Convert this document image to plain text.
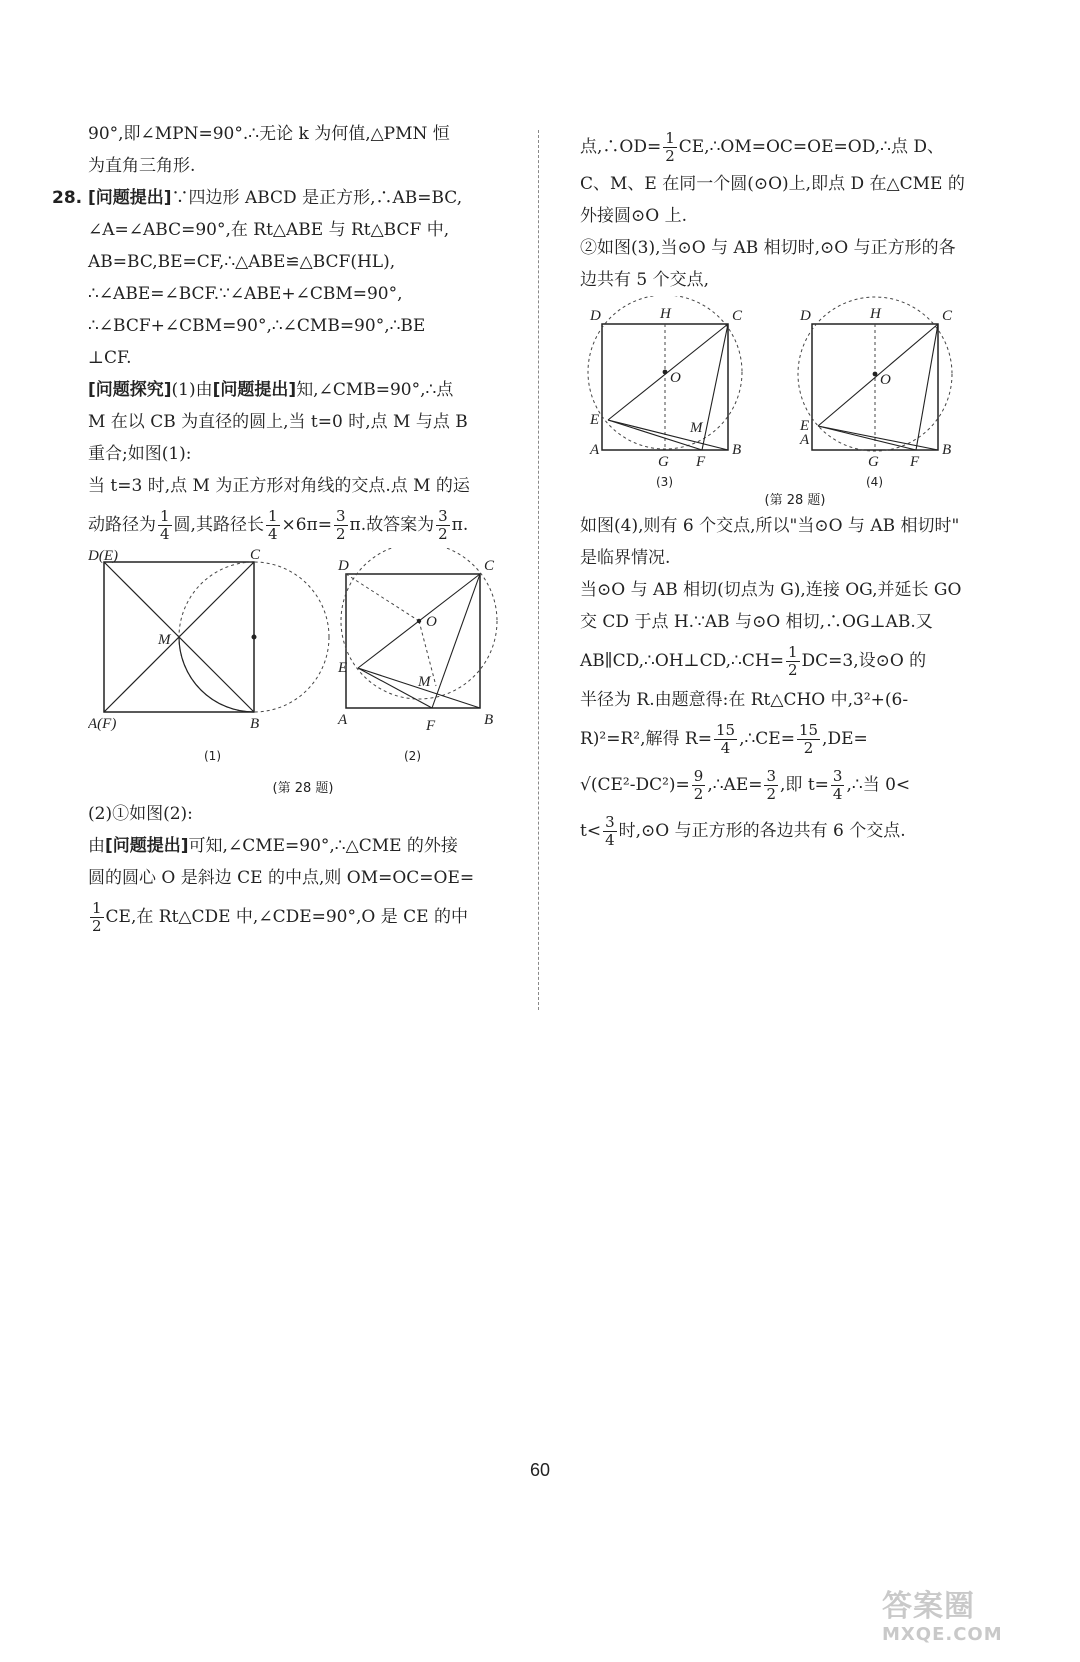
90°,即∠MPN=90°.∴无论 k 为何值,△PMN 恒

为直角三角形.

28. [问题提出]∵四边形 ABCD 是正方形,∴AB=BC,

∠A=∠ABC=90°,在 Rt△ABE 与 Rt△BCF 中,

AB=BC,BE=CF,∴△ABE≌△BCF(HL),

∴∠ABE=∠BCF.∵∠ABE+∠CBM=90°,

∴∠BCF+∠CBM=90°,∴∠CMB=90°,∴BE

⊥CF.

[问题探究](1)由[问题提出]知,∠CMB=90°,∴点

M 在以 CB 为直径的圆上,当 t=0 时,点 M 与点 B

重合;如图(1):

当 t=3 时,点 M 为正方形对角线的交点.点 M 的运

动路径为 $\frac{1}{4}$ 圆,其路径长 $\frac{1}{4} \times 6\pi= \frac{3}{2} \pi$.故答案为 $\frac{3}{2} \pi$.

D(E)	C
A(F)	B
M
(1)
D	C
A	B
E
F
M
O
(2)
(第 28 题)

(2)①如图(2):

由[问题提出]可知,∠CME=90°,∴△CME 的外接

圆的圆心 O 是斜边 CE 的中点,则 OM=OC=OE=

$\frac{1}{2}$ CE,在 Rt△CDE 中,∠CDE=90°,O 是 CE 的中

点,∴OD= $\frac{1}{2}$ CE,∴OM=OC=OE=OD,∴点 D、

C、M、E 在同一个圆(⊙O)上,即点 D 在△CME 的

外接圆⊙O 上.

②如图(3),当⊙O 与 AB 相切时,⊙O 与正方形的各

边共有 5 个交点,

D	H	C
O
E	M
A
G F
B
(3)
D	H	C
O
E
A
G F
B
(4)
(第 28 题)

如图(4),则有 6 个交点,所以"当⊙O 与 AB 相切时"

是临界情况.

当⊙O 与 AB 相切(切点为 G),连接 OG,并延长 GO

交 CD 于点 H.∵AB 与⊙O 相切,∴OG⊥AB.又

AB∥CD,∴OH⊥CD,∴CH= $\frac{1}{2} DC=3$,设⊙O 的

半径为 R.由题意得:在 Rt△CHO 中,3²+(6-

R)²=R²,解得 $R= \frac{15}{4}$ ,∴CE= $\frac{15}{2} ,DE=$

$√(CE^2-DC^2)= \frac{9}{2}$ ,∴AE= $\frac{3}{2}$ ,即 $t= \frac{3}{4}$ ,∴当 0<

$t< \frac{3}{4}$ 时,⊙O 与正方形的各边共有 6 个交点.

60
答案圈
MXQE.COM
